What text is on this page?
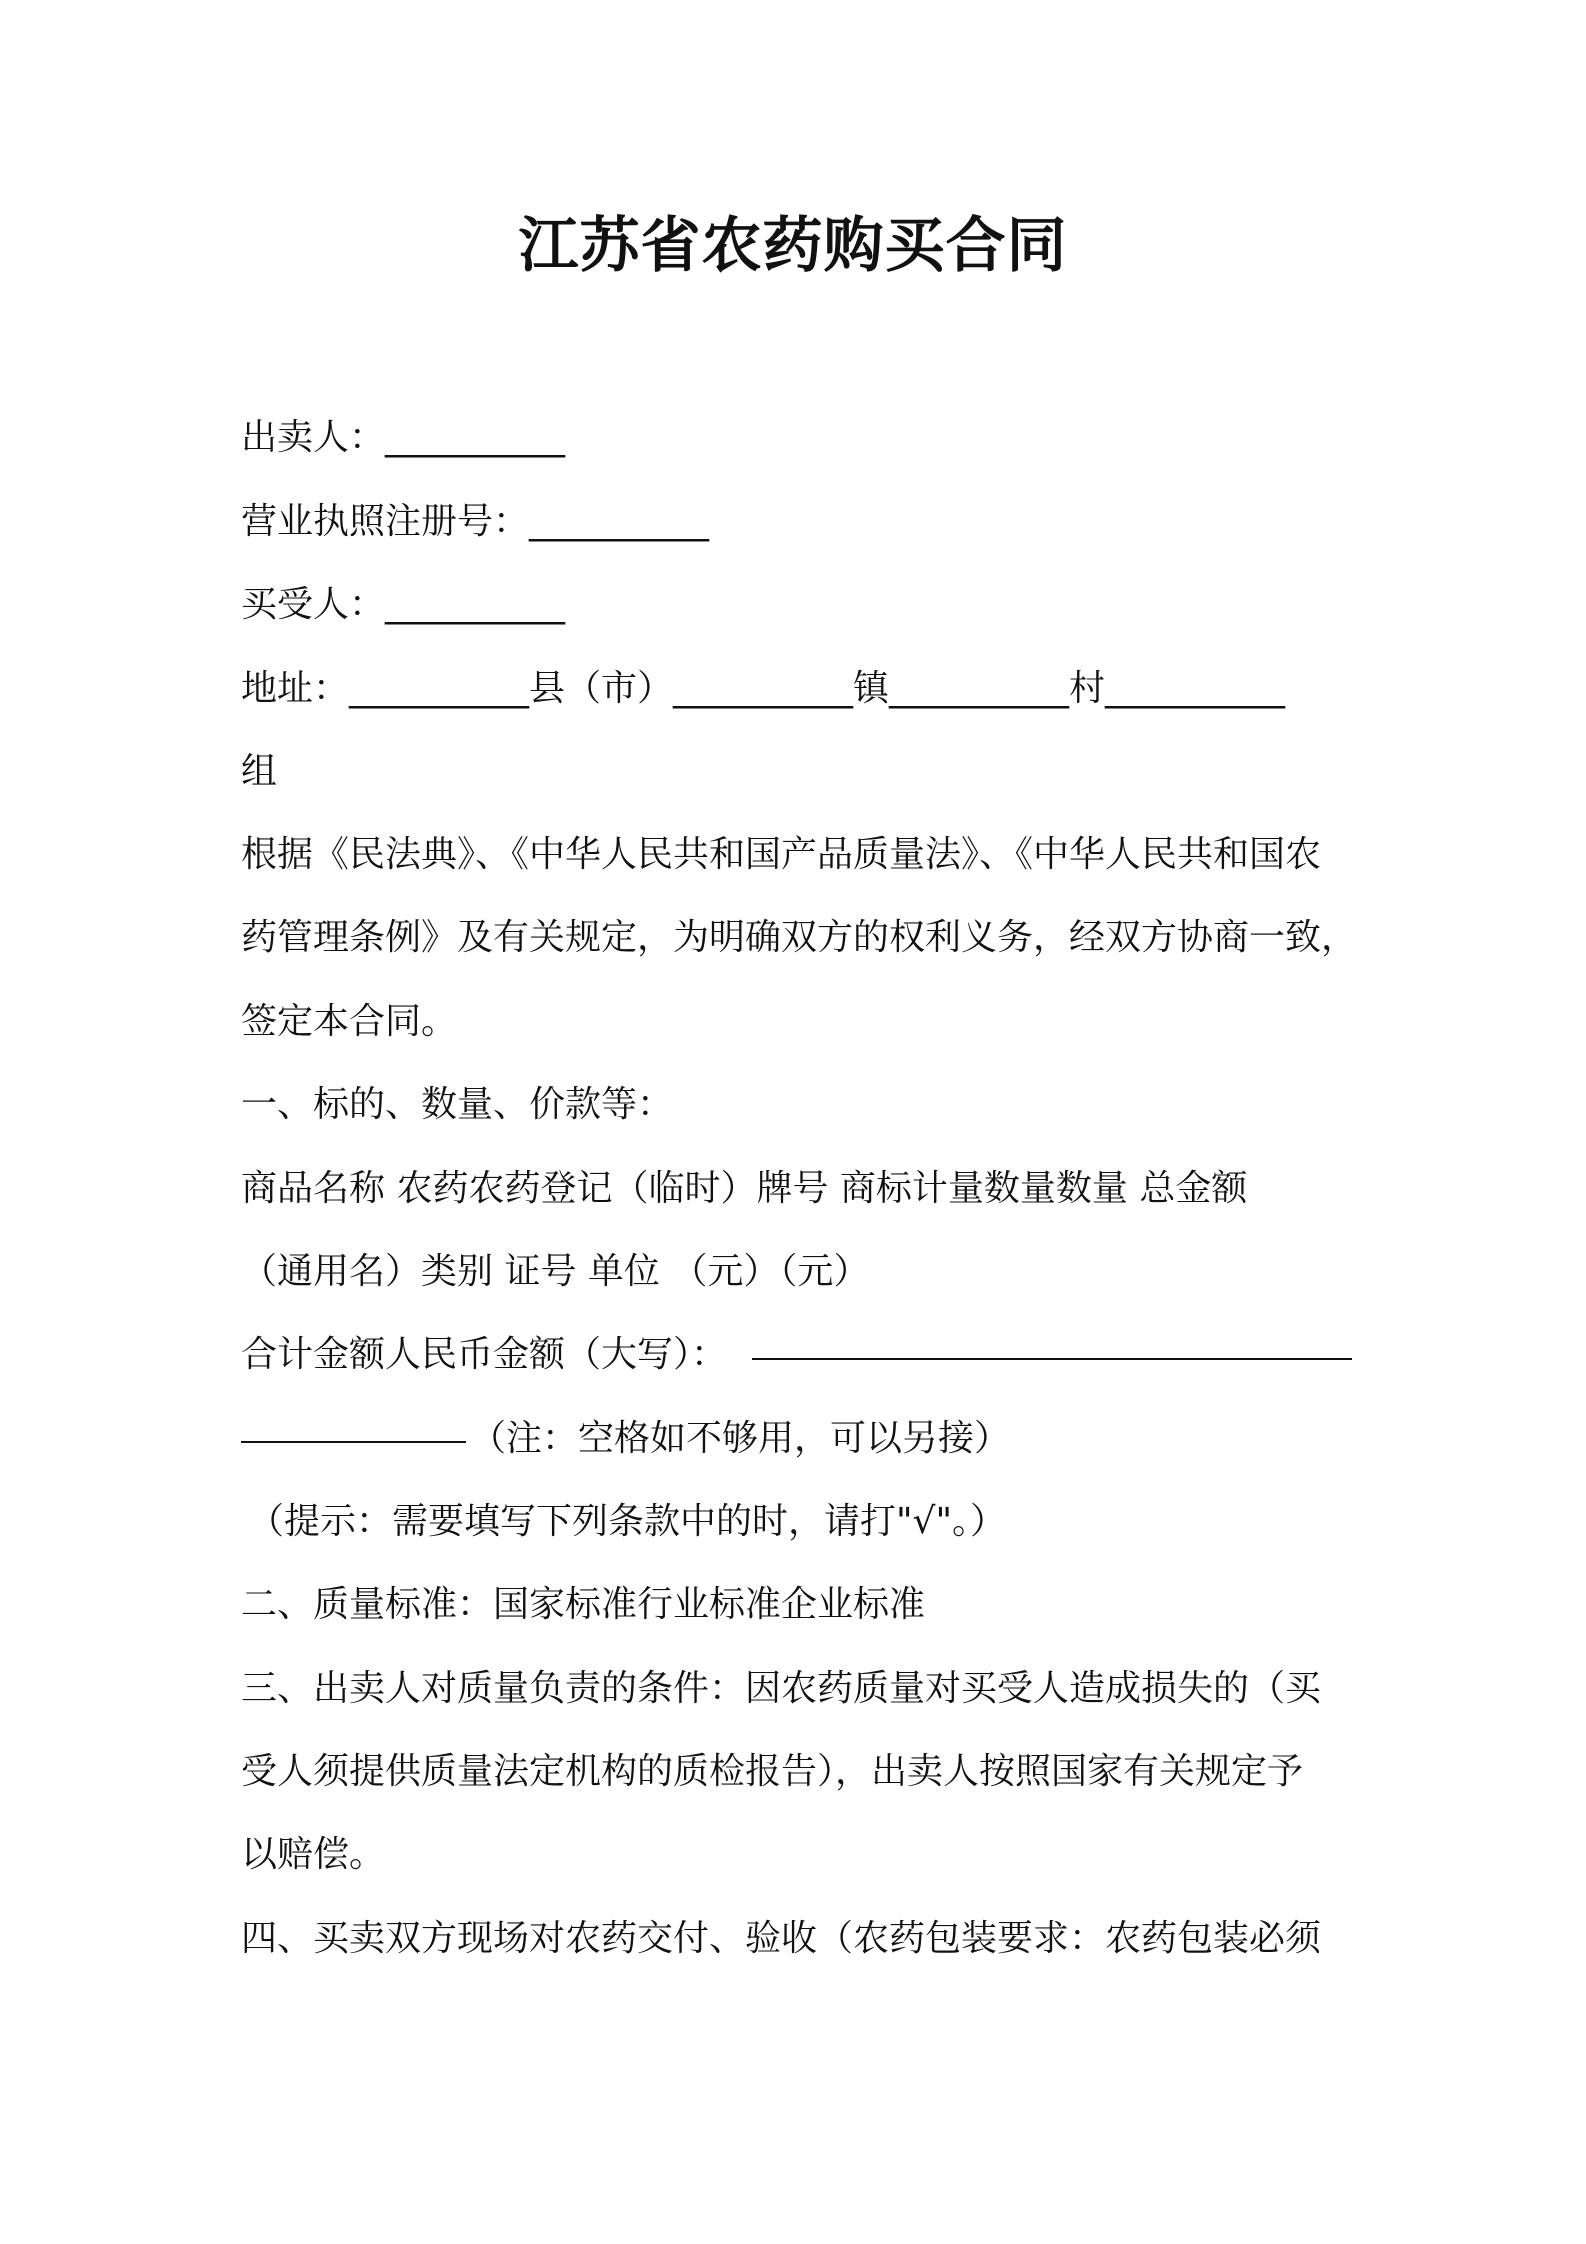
江苏省农药购买合同

出卖人：__________

营业执照注册号：__________

买受人：__________

地址：__________县（市）__________镇__________村__________

组

根据《民法典》、《中华人民共和国产品质量法》、《中华人民共和国农

药管理条例》及有关规定，为明确双方的权利义务，经双方协商一致，

签定本合同。

一、标的、数量、价款等：

商品名称 农药农药登记（临时）牌号 商标计量数量数量 总金额

（通用名）类别 证号 单位 （元）（元）

合计金额人民币金额（大写）：

（注：空格如不够用，可以另接）

（提示：需要填写下列条款中的时，请打"√"。）

二、质量标准：国家标准行业标准企业标准

三、出卖人对质量负责的条件：因农药质量对买受人造成损失的（买

受人须提供质量法定机构的质检报告），出卖人按照国家有关规定予

以赔偿。

四、买卖双方现场对农药交付、验收（农药包装要求：农药包装必须
